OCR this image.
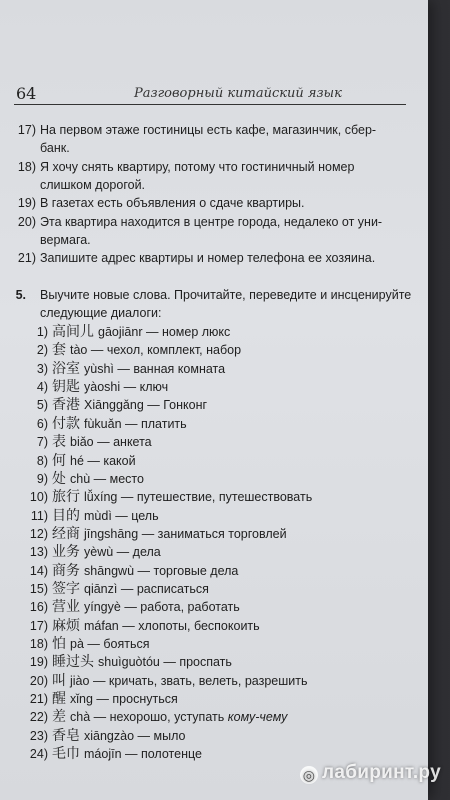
64	Разговорный китайский язык
17) На первом этаже гостиницы есть кафе, магазинчик, сбер-
банк.
18) Я хочу снять квартиру, потому что гостиничный номер
слишком дорогой.
19) В газетах есть объявления о сдаче квартиры.
20) Эта квартира находится в центре города, недалеко от уни-
вермага.
21) Запишите адрес квартиры и номер телефона ее хозяина.
5. Выучите новые слова. Прочитайте, переведите и инсценируйте
следующие диалоги:
1) 高间儿 gāojiānr — номер люкс
2) 套 tào — чехол, комплект, набор
3) 浴室 yùshì — ванная комната
4) 钥匙 yàoshi — ключ
5) 香港 Xiānggǎng — Гонконг
6) 付款 fùkuǎn — платить
7) 表 biǎo — анкета
8) 何 hé — какой
9) 处 chù — место
10) 旅行 lǚxíng — путешествие, путешествовать
11) 目的 mùdì — цель
12) 经商 jīngshāng — заниматься торговлей
13) 业务 yèwù — дела
14) 商务 shāngwù — торговые дела
15) 签字 qiānzì — расписаться
16) 营业 yíngyè — работа, работать
17) 麻烦 máfan — хлопоты, беспокоить
18) 怕 pà — бояться
19) 睡过头 shuìguòtóu — проспать
20) 叫 jiào — кричать, звать, велеть, разрешить
21) 醒 xǐng — проснуться
22) 差 chà — нехорошо, уступать кому-чему
23) 香皂 xiāngzào — мыло
24) 毛巾 máojīn — полотенце
◎ лабиринт.ру
